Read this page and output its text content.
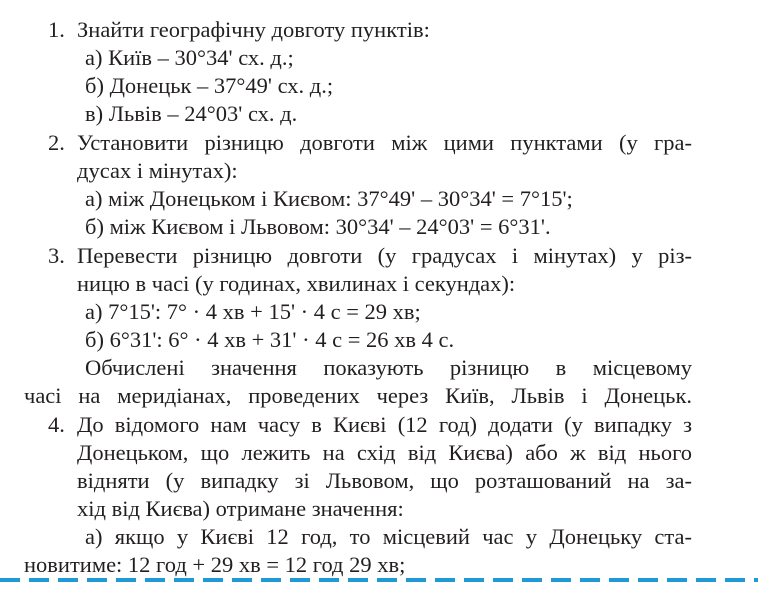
1. Знайти географічну довготу пунктів:
а) Київ – 30°34' сх. д.;
б) Донецьк – 37°49' сх. д.;
в) Львів – 24°03' сх. д.
2. Установити різницю довготи між цими пунктами (у гра-
дусах і мінутах):
а) між Донецьком і Києвом: 37°49' – 30°34' = 7°15';
б) між Києвом і Львовом: 30°34' – 24°03' = 6°31'.
3. Перевести різницю довготи (у градусах і мінутах) у різ-
ницю в часі (у годинах, хвилинах і секундах):
а) 7°15': 7° · 4 хв + 15' · 4 с = 29 хв;
б) 6°31': 6° · 4 хв + 31' · 4 с = 26 хв 4 с.
Обчислені значення показують різницю в місцевому
часі на меридіанах, проведених через Київ, Львів і Донецьк.
4. До відомого нам часу в Києві (12 год) додати (у випадку з
Донецьком, що лежить на схід від Києва) або ж від нього
відняти (у випадку зі Львовом, що розташований на за-
хід від Києва) отримане значення:
а) якщо у Києві 12 год, то місцевий час у Донецьку ста-
новитиме: 12 год + 29 хв = 12 год 29 хв;
